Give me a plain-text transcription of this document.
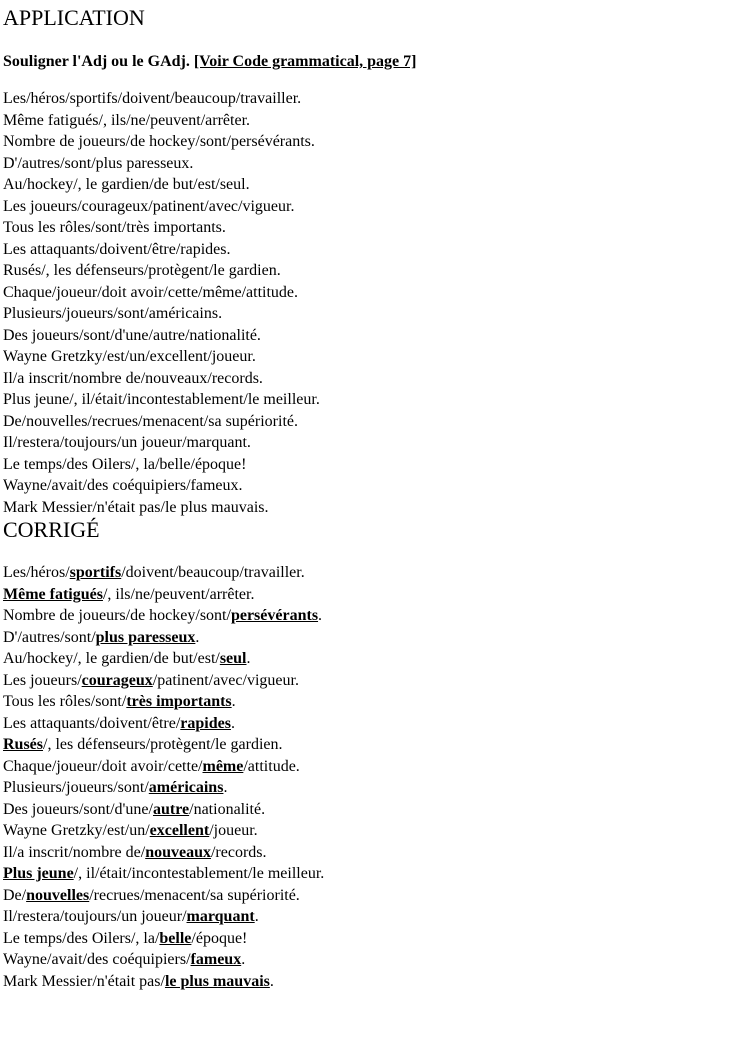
APPLICATION
Souligner l'Adj ou le GAdj. [Voir Code grammatical, page 7]
Les/héros/sportifs/doivent/beaucoup/travailler.
Même fatigués/, ils/ne/peuvent/arrêter.
Nombre de joueurs/de hockey/sont/persévérants.
D'/autres/sont/plus paresseux.
Au/hockey/, le gardien/de but/est/seul.
Les joueurs/courageux/patinent/avec/vigueur.
Tous les rôles/sont/très importants.
Les attaquants/doivent/être/rapides.
Rusés/, les défenseurs/protègent/le gardien.
Chaque/joueur/doit avoir/cette/même/attitude.
Plusieurs/joueurs/sont/américains.
Des joueurs/sont/d'une/autre/nationalité.
Wayne Gretzky/est/un/excellent/joueur.
Il/a inscrit/nombre de/nouveaux/records.
Plus jeune/, il/était/incontestablement/le meilleur.
De/nouvelles/recrues/menacent/sa supériorité.
Il/restera/toujours/un joueur/marquant.
Le temps/des Oilers/, la/belle/époque!
Wayne/avait/des coéquipiers/fameux.
Mark Messier/n'était pas/le plus mauvais.
CORRIGÉ
Les/héros/sportifs/doivent/beaucoup/travailler.
Même fatigués/, ils/ne/peuvent/arrêter.
Nombre de joueurs/de hockey/sont/persévérants.
D'/autres/sont/plus paresseux.
Au/hockey/, le gardien/de but/est/seul.
Les joueurs/courageux/patinent/avec/vigueur.
Tous les rôles/sont/très importants.
Les attaquants/doivent/être/rapides.
Rusés/, les défenseurs/protègent/le gardien.
Chaque/joueur/doit avoir/cette/même/attitude.
Plusieurs/joueurs/sont/américains.
Des joueurs/sont/d'une/autre/nationalité.
Wayne Gretzky/est/un/excellent/joueur.
Il/a inscrit/nombre de/nouveaux/records.
Plus jeune/, il/était/incontestablement/le meilleur.
De/nouvelles/recrues/menacent/sa supériorité.
Il/restera/toujours/un joueur/marquant.
Le temps/des Oilers/, la/belle/époque!
Wayne/avait/des coéquipiers/fameux.
Mark Messier/n'était pas/le plus mauvais.
